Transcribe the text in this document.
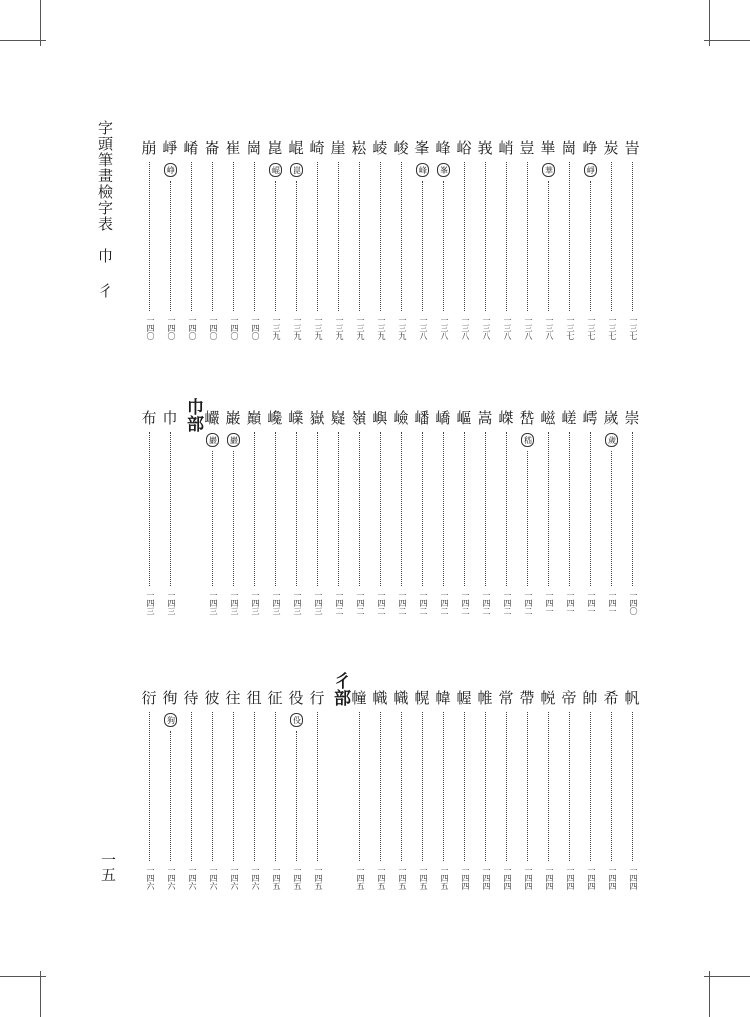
字頭筆畫檢字表　巾 彳
一五
峕
一三七
炭
一三七
峥
崢
一三七
崗
一三七
崋
華
一三八
豈
一三八
峭
一三八
峩
一三八
峪
一三八
峰
峯
一三八
峯
峰
一三八
峻
一三九
崚
一三九
崧
一三九
崖
一三九
崎
一三九
崐
崑
一三九
崑
崐
一三九
崗
一四〇
崔
一四〇
崙
一四〇
崤
一四〇
崢
峥
一四〇
崩
一四〇
崇
一四〇
嵗
歲
一四一
嶀
一四一
嵯
一四一
嵫
一四一
嵆
嵇
一四二
嵥
一四二
嵩
一四二
嶇
一四二
嶠
一四二
嶓
一四二
嶮
一四二
嶼
一四二
嶺
一四二
嶷
一四二
嶽
一四三
嶫
一四三
巉
一四三
巔
一四三
巌
巖
一四三
巗
巖
一四三
巾部
巾
一四三
布
一四三
帆
一四四
希
一四四
帥
一四四
帝
一四四
帨
一四四
帶
一四四
常
一四四
帷
一四四
幄
一四四
幃
一四五
幌
一四五
幟
一四五
幟
一四五
幢
一四五
彳部
行
一四五
役
伇
一四五
征
一四五
徂
一四六
往
一四六
彼
一四六
待
一四六
徇
狗
一四六
衍
一四六
